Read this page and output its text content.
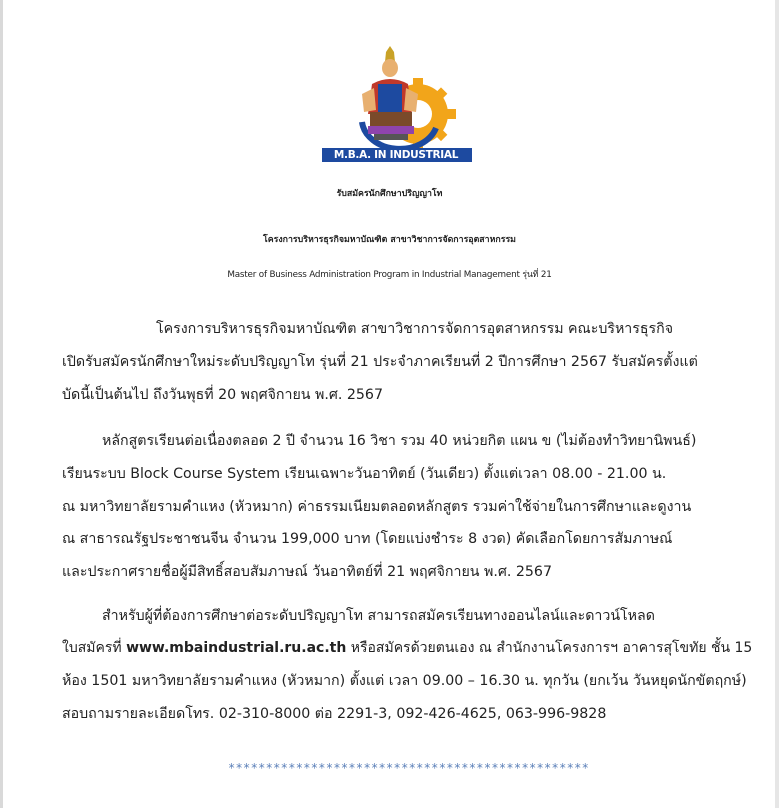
M.B.A. IN INDUSTRIAL MANAGEMENT
รับสมัครนักศึกษาปริญญาโท
โครงการบริหารธุรกิจมหาบัณฑิต สาขาวิชาการจัดการอุตสาหกรรม
Master of Business Administration Program in Industrial Management รุ่นที่ 21
โครงการบริหารธุรกิจมหาบัณฑิต สาขาวิชาการจัดการอุตสาหกรรม คณะบริหารธุรกิจ
เปิดรับสมัครนักศึกษาใหม่ระดับปริญญาโท รุ่นที่ 21 ประจำภาคเรียนที่ 2 ปีการศึกษา 2567 รับสมัครตั้งแต่
บัดนี้เป็นต้นไป ถึงวันพุธที่ 20 พฤศจิกายน พ.ศ. 2567
หลักสูตรเรียนต่อเนื่องตลอด 2 ปี จำนวน 16 วิชา รวม 40 หน่วยกิต แผน ข (ไม่ต้องทำวิทยานิพนธ์)
เรียนระบบ Block Course System เรียนเฉพาะวันอาทิตย์ (วันเดียว) ตั้งแต่เวลา 08.00 - 21.00 น.
ณ มหาวิทยาลัยรามคำแหง (หัวหมาก) ค่าธรรมเนียมตลอดหลักสูตร รวมค่าใช้จ่ายในการศึกษาและดูงาน
ณ สาธารณรัฐประชาชนจีน จำนวน 199,000 บาท (โดยแบ่งชำระ 8 งวด) คัดเลือกโดยการสัมภาษณ์
และประกาศรายชื่อผู้มีสิทธิ์สอบสัมภาษณ์ วันอาทิตย์ที่ 21 พฤศจิกายน พ.ศ. 2567
สำหรับผู้ที่ต้องการศึกษาต่อระดับปริญญาโท สามารถสมัครเรียนทางออนไลน์และดาวน์โหลด
ใบสมัครที่ www.mbaindustrial.ru.ac.th หรือสมัครด้วยตนเอง ณ สำนักงานโครงการฯ อาคารสุโขทัย ชั้น 15
ห้อง 1501 มหาวิทยาลัยรามคำแหง (หัวหมาก) ตั้งแต่ เวลา 09.00 – 16.30 น. ทุกวัน (ยกเว้น วันหยุดนักขัตฤกษ์)
สอบถามรายละเอียดโทร. 02-310-8000 ต่อ 2291-3, 092-426-4625, 063-996-9828
************************************************
